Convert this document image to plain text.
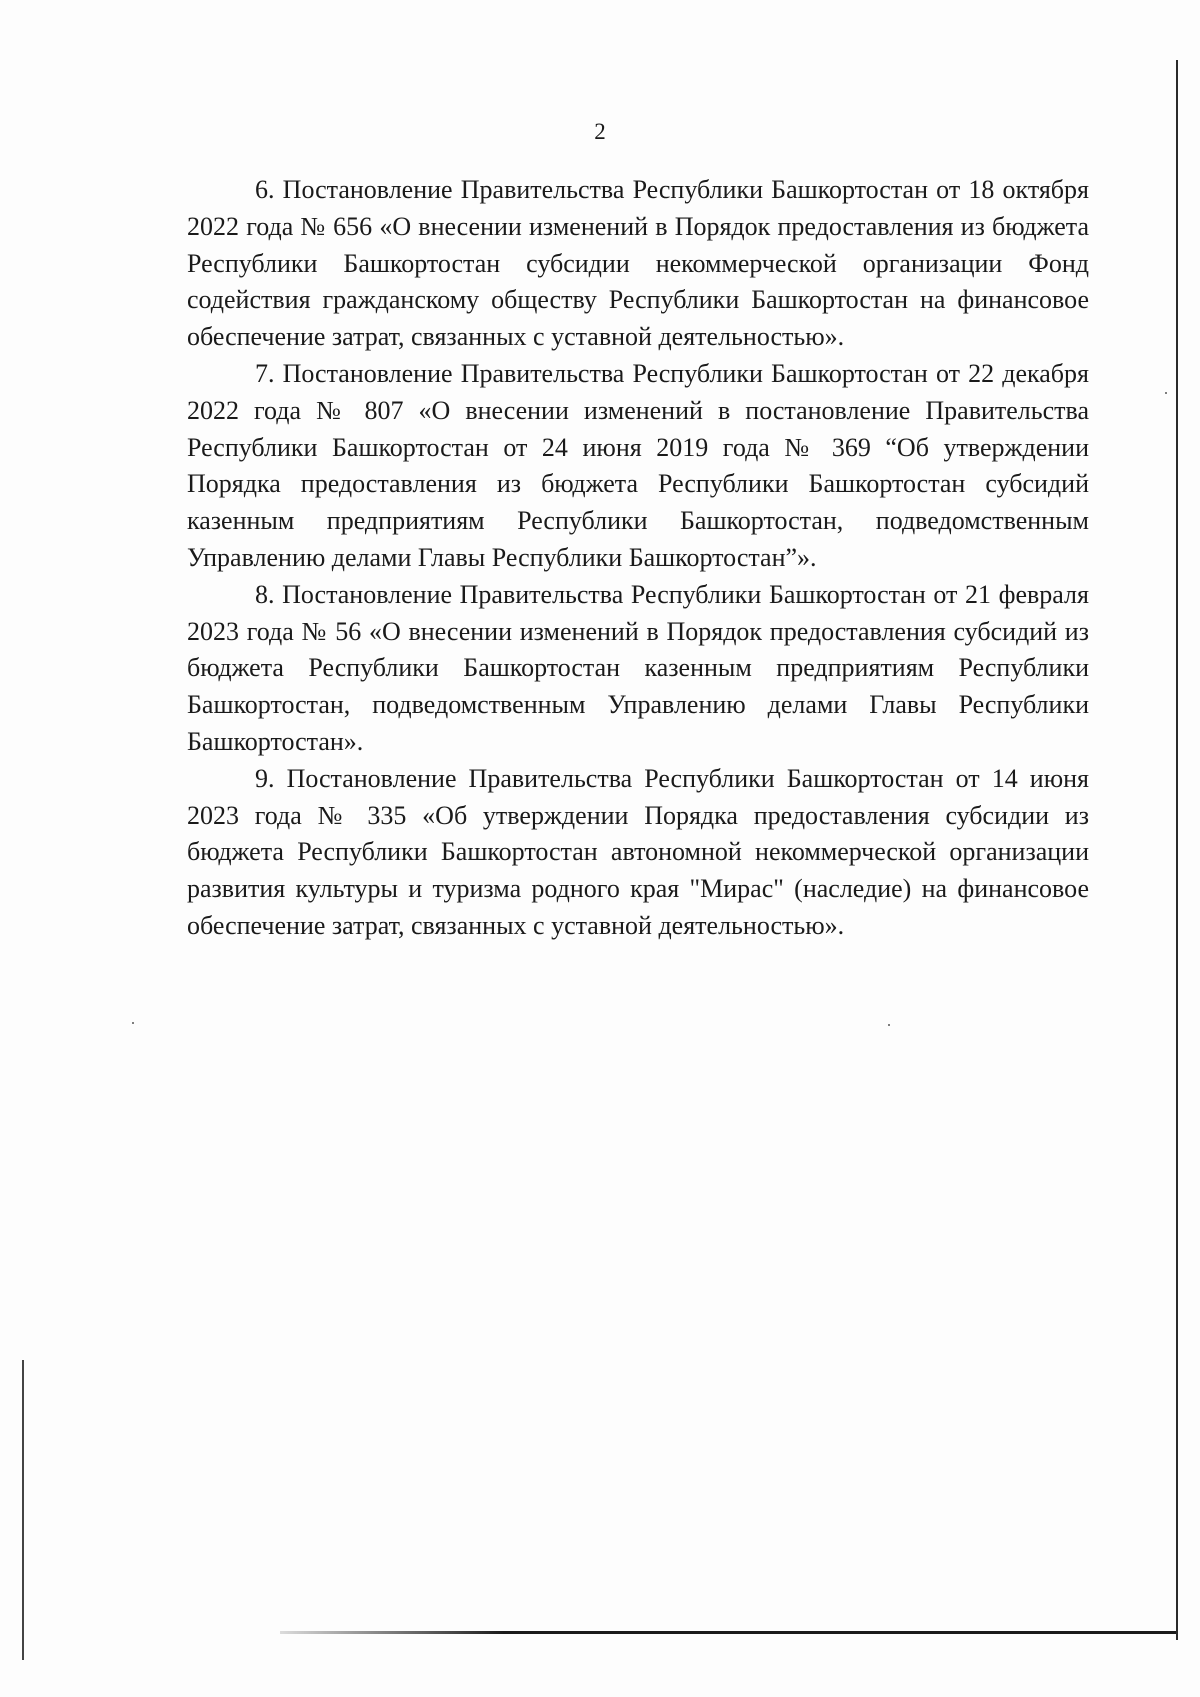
2

6. Постановление Правительства Республики Башкортостан от 18 октября 2022 года № 656 «О внесении изменений в Порядок предоставления из бюджета Республики Башкортостан субсидии некоммерческой организации Фонд содействия гражданскому обществу Республики Башкортостан на финансовое обеспечение затрат, связанных с уставной деятельностью».

7. Постановление Правительства Республики Башкортостан от 22 декабря 2022 года № 807 «О внесении изменений в постановление Правительства Республики Башкортостан от 24 июня 2019 года № 369 “Об утверждении Порядка предоставления из бюджета Республики Башкортостан субсидий казенным предприятиям Республики Башкортостан, подведомственным Управлению делами Главы Республики Башкортостан”».

8. Постановление Правительства Республики Башкортостан от 21 февраля 2023 года № 56 «О внесении изменений в Порядок предоставления субсидий из бюджета Республики Башкортостан казенным предприятиям Республики Башкортостан, подведомственным Управлению делами Главы Республики Башкортостан».

9. Постановление Правительства Республики Башкортостан от 14 июня 2023 года № 335 «Об утверждении Порядка предоставления субсидии из бюджета Республики Башкортостан автономной некоммерческой организации развития культуры и туризма родного края "Мирас" (наследие) на финансовое обеспечение затрат, связанных с уставной деятельностью».
